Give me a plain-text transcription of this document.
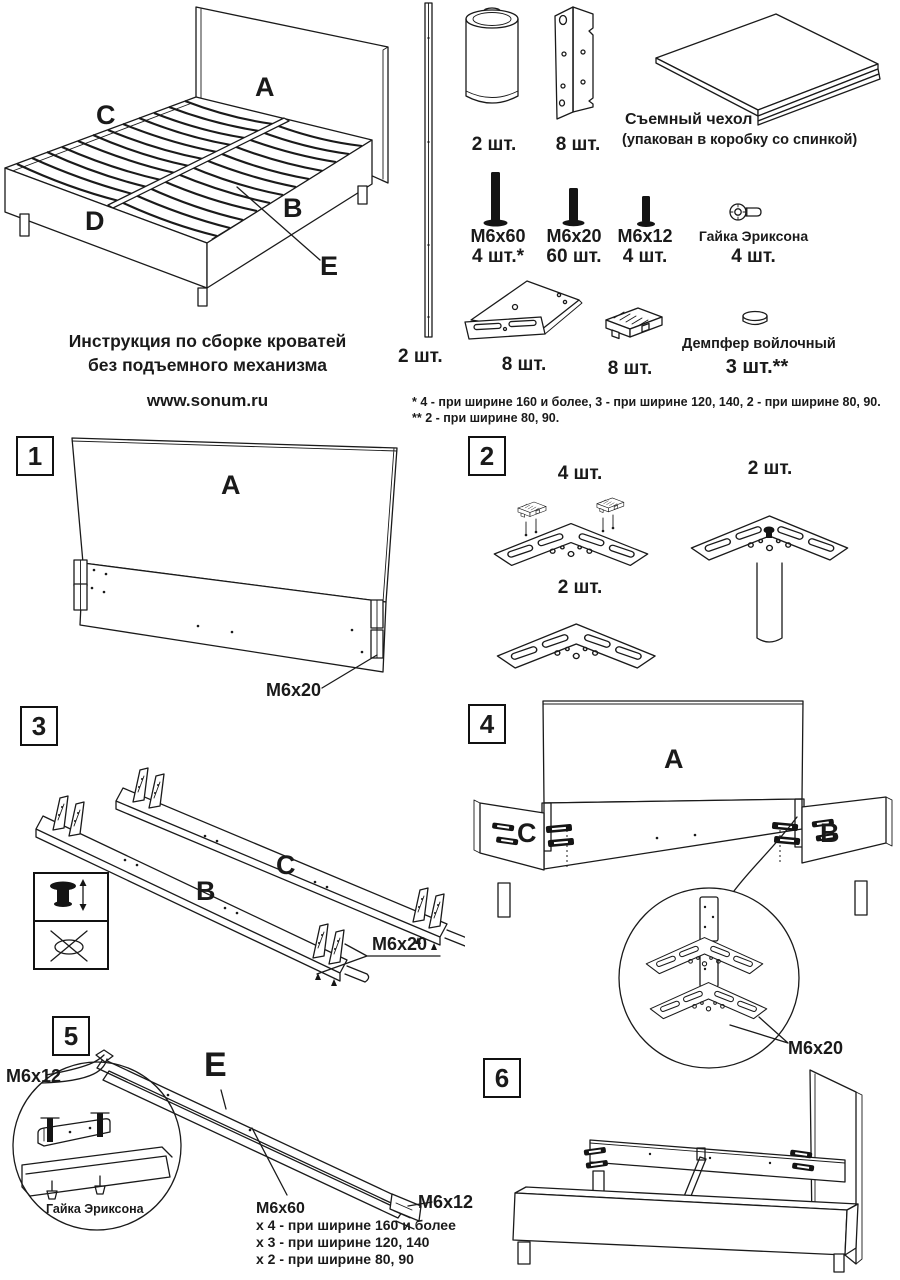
A
C
D	B
E
Инструкция по сборке кроватей
без подъемного механизма
www.sonum.ru
2 шт.
2 шт.	8 шт.
Съемный чехол
(упакован в коробку со спинкой)
M6x60
4 шт.*
M6x20
60 шт.
M6x12
4 шт.
Гайка Эриксона
4 шт.
8 шт.	8 шт.
Демпфер войлочный
3 шт.**
* 4 - при ширине 160 и более, 3 - при ширине 120, 140, 2 - при ширине 80, 90.
** 2 - при ширине 80, 90.
1
A
M6x20
2
4 шт.	2 шт.
2 шт.
3
B
C
M6x20
4
A
C	B
M6x20
5
M6x12	E
Гайка Эриксона	M6x12
M6x60
x 4 - при ширине 160 и более
x 3 - при ширине 120, 140
x 2 - при ширине 80, 90
6
